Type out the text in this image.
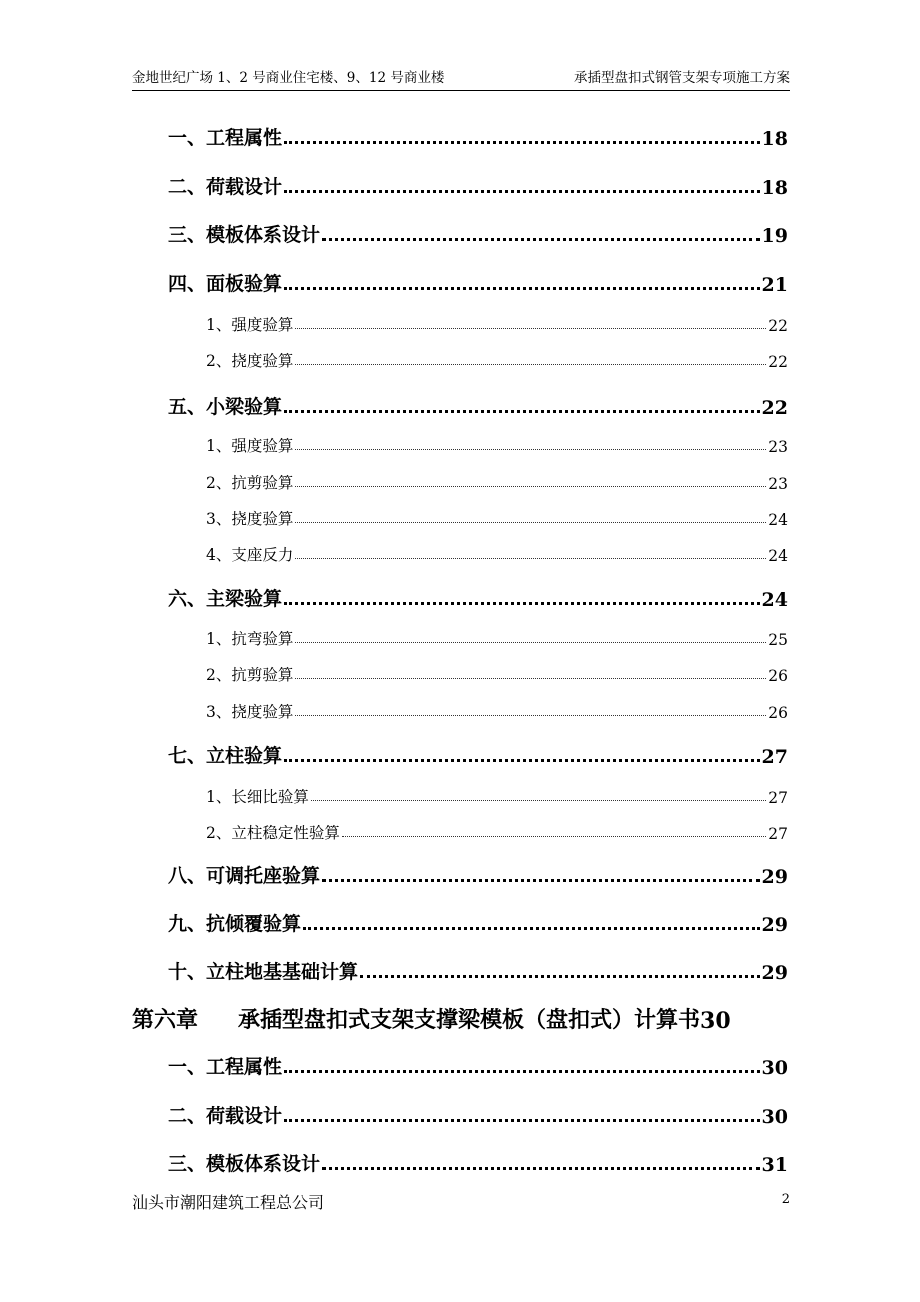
金地世纪广场 1、2 号商业住宅楼、9、12 号商业楼	承插型盘扣式钢管支架专项施工方案
一、工程属性	18
二、荷载设计	18
三、模板体系设计	19
四、面板验算	21
1、强度验算	22
2、挠度验算	22
五、小梁验算	22
1、强度验算	23
2、抗剪验算	23
3、挠度验算	24
4、支座反力	24
六、主梁验算	24
1、抗弯验算	25
2、抗剪验算	26
3、挠度验算	26
七、立柱验算	27
1、长细比验算	27
2、立柱稳定性验算	27
八、可调托座验算	29
九、抗倾覆验算	29
十、立柱地基基础计算	29
第六章 承插型盘扣式支架支撑梁模板（盘扣式）计算书 30
一、工程属性	30
二、荷载设计	30
三、模板体系设计	31
汕头市潮阳建筑工程总公司	2
